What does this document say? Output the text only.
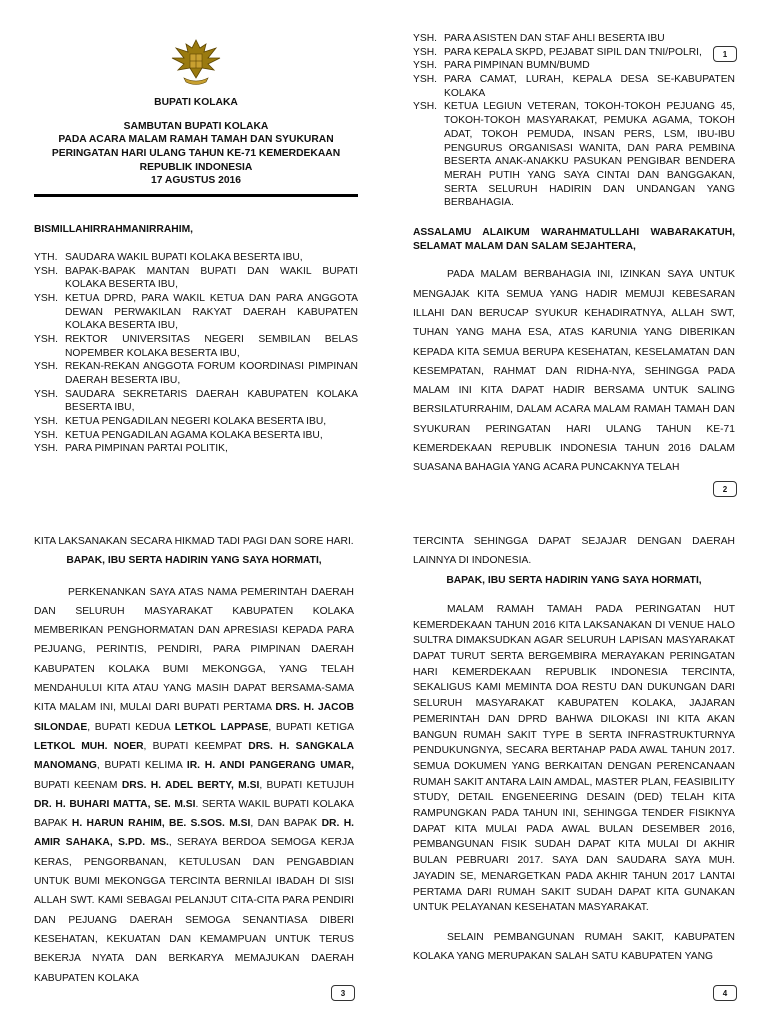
BUPATI KOLAKA
SAMBUTAN BUPATI KOLAKA
PADA ACARA MALAM RAMAH TAMAH DAN SYUKURAN
PERINGATAN HARI ULANG TAHUN KE-71 KEMERDEKAAN
REPUBLIK INDONESIA
17 AGUSTUS 2016
BISMILLAHIRRAHMANIRRAHIM,
YTH. SAUDARA WAKIL BUPATI KOLAKA BESERTA IBU,
YSH. BAPAK-BAPAK MANTAN BUPATI DAN WAKIL BUPATI KOLAKA BESERTA IBU,
YSH. KETUA DPRD, PARA WAKIL KETUA DAN PARA ANGGOTA DEWAN PERWAKILAN RAKYAT DAERAH KABUPATEN KOLAKA BESERTA IBU,
YSH. REKTOR UNIVERSITAS NEGERI SEMBILAN BELAS NOPEMBER KOLAKA BESERTA IBU,
YSH. REKAN-REKAN ANGGOTA FORUM KOORDINASI PIMPINAN DAERAH BESERTA IBU,
YSH. SAUDARA SEKRETARIS DAERAH KABUPATEN KOLAKA BESERTA IBU,
YSH. KETUA PENGADILAN NEGERI KOLAKA BESERTA IBU,
YSH. KETUA PENGADILAN AGAMA KOLAKA BESERTA IBU,
YSH. PARA PIMPINAN PARTAI POLITIK,
YSH. PARA ASISTEN DAN STAF AHLI BESERTA IBU
YSH. PARA KEPALA SKPD, PEJABAT SIPIL DAN TNI/POLRI,
YSH. PARA PIMPINAN BUMN/BUMD
YSH. PARA CAMAT, LURAH, KEPALA DESA SE-KABUPATEN KOLAKA
YSH. KETUA LEGIUN VETERAN, TOKOH-TOKOH PEJUANG 45, TOKOH-TOKOH MASYARAKAT, PEMUKA AGAMA, TOKOH ADAT, TOKOH PEMUDA, INSAN PERS, LSM, IBU-IBU PENGURUS ORGANISASI WANITA, DAN PARA PEMBINA BESERTA ANAK-ANAKKU PASUKAN PENGIBAR BENDERA MERAH PUTIH YANG SAYA CINTAI DAN BANGGAKAN, SERTA SELURUH HADIRIN DAN UNDANGAN YANG BERBAHAGIA.
ASSALAMU ALAIKUM WARAHMATULLAHI WABARAKATUH, SELAMAT MALAM DAN SALAM SEJAHTERA,
PADA MALAM BERBAHAGIA INI, IZINKAN SAYA UNTUK MENGAJAK KITA SEMUA YANG HADIR MEMUJI KEBESARAN ILLAHI DAN BERUCAP SYUKUR KEHADIRATNYA, ALLAH SWT, TUHAN YANG MAHA ESA, ATAS KARUNIA YANG DIBERIKAN KEPADA KITA SEMUA BERUPA KESEHATAN, KESELAMATAN DAN KESEMPATAN, RAHMAT DAN RIDHA-NYA, SEHINGGA PADA MALAM INI KITA DAPAT HADIR BERSAMA UNTUK SALING BERSILATURRAHIM, DALAM ACARA MALAM RAMAH TAMAH DAN SYUKURAN PERINGATAN HARI ULANG TAHUN KE-71 KEMERDEKAAN REPUBLIK INDONESIA TAHUN 2016 DALAM SUASANA BAHAGIA YANG ACARA PUNCAKNYA TELAH
1
2
KITA LAKSANAKAN SECARA HIKMAD TADI PAGI DAN SORE HARI.
BAPAK, IBU SERTA HADIRIN YANG SAYA HORMATI,
PERKENANKAN SAYA ATAS NAMA PEMERINTAH DAERAH DAN SELURUH MASYARAKAT KABUPATEN KOLAKA MEMBERIKAN PENGHORMATAN DAN APRESIASI KEPADA PARA PEJUANG, PERINTIS, PENDIRI, PARA PIMPINAN DAERAH KABUPATEN KOLAKA BUMI MEKONGGA, YANG TELAH MENDAHULUI KITA ATAU YANG MASIH DAPAT BERSAMA-SAMA KITA MALAM INI, MULAI DARI BUPATI PERTAMA DRS. H. JACOB SILONDAE, BUPATI KEDUA LETKOL LAPPASE, BUPATI KETIGA LETKOL MUH. NOER, BUPATI KEEMPAT DRS. H. SANGKALA MANOMANG, BUPATI KELIMA IR. H. ANDI PANGERANG UMAR, BUPATI KEENAM DRS. H. ADEL BERTY, M.SI, BUPATI KETUJUH DR. H. BUHARI MATTA, SE. M.SI. SERTA WAKIL BUPATI KOLAKA BAPAK H. HARUN RAHIM, BE. S.SOS. M.SI, DAN BAPAK DR. H. AMIR SAHAKA, S.PD. MS., SERAYA BERDOA SEMOGA KERJA KERAS, PENGORBANAN, KETULUSAN DAN PENGABDIAN UNTUK BUMI MEKONGGA TERCINTA BERNILAI IBADAH DI SISI ALLAH SWT. KAMI SEBAGAI PELANJUT CITA-CITA PARA PENDIRI DAN PEJUANG DAERAH SEMOGA SENANTIASA DIBERI KESEHATAN, KEKUATAN DAN KEMAMPUAN UNTUK TERUS BEKERJA NYATA DAN BERKARYA MEMAJUKAN DAERAH KABUPATEN KOLAKA
3
TERCINTA SEHINGGA DAPAT SEJAJAR DENGAN DAERAH LAINNYA DI INDONESIA.
BAPAK, IBU SERTA HADIRIN YANG SAYA HORMATI,
MALAM RAMAH TAMAH PADA PERINGATAN HUT KEMERDEKAAN TAHUN 2016 KITA LAKSANAKAN DI VENUE HALO SULTRA DIMAKSUDKAN AGAR SELURUH LAPISAN MASYARAKAT DAPAT TURUT SERTA BERGEMBIRA MERAYAKAN PERINGATAN HARI KEMERDEKAAN REPUBLIK INDONESIA TERCINTA, SEKALIGUS KAMI MEMINTA DOA RESTU DAN DUKUNGAN DARI SELURUH MASYARAKAT KABUPATEN KOLAKA, JAJARAN PEMERINTAH DAN DPRD BAHWA DILOKASI INI KITA AKAN BANGUN RUMAH SAKIT TYPE B SERTA INFRASTRUKTURNYA PENDUKUNGNYA, SECARA BERTAHAP PADA AWAL TAHUN 2017. SEMUA DOKUMEN YANG BERKAITAN DENGAN PERENCANAAN RUMAH SAKIT ANTARA LAIN AMDAL, MASTER PLAN, FEASIBILITY STUDY, DETAIL ENGENEERING DESAIN (DED) TELAH KITA RAMPUNGKAN PADA TAHUN INI, SEHINGGA TENDER FISIKNYA DAPAT KITA MULAI PADA AWAL BULAN DESEMBER 2016, PEMBANGUNAN FISIK SUDAH DAPAT KITA MULAI DI AKHIR BULAN PEBRUARI 2017. SAYA DAN SAUDARA SAYA MUH. JAYADIN SE, MENARGETKAN PADA AKHIR TAHUN 2017 LANTAI PERTAMA DARI RUMAH SAKIT SUDAH DAPAT KITA GUNAKAN UNTUK PELAYANAN KESEHATAN MASYARAKAT.
SELAIN PEMBANGUNAN RUMAH SAKIT, KABUPATEN KOLAKA YANG MERUPAKAN SALAH SATU KABUPATEN YANG
4
